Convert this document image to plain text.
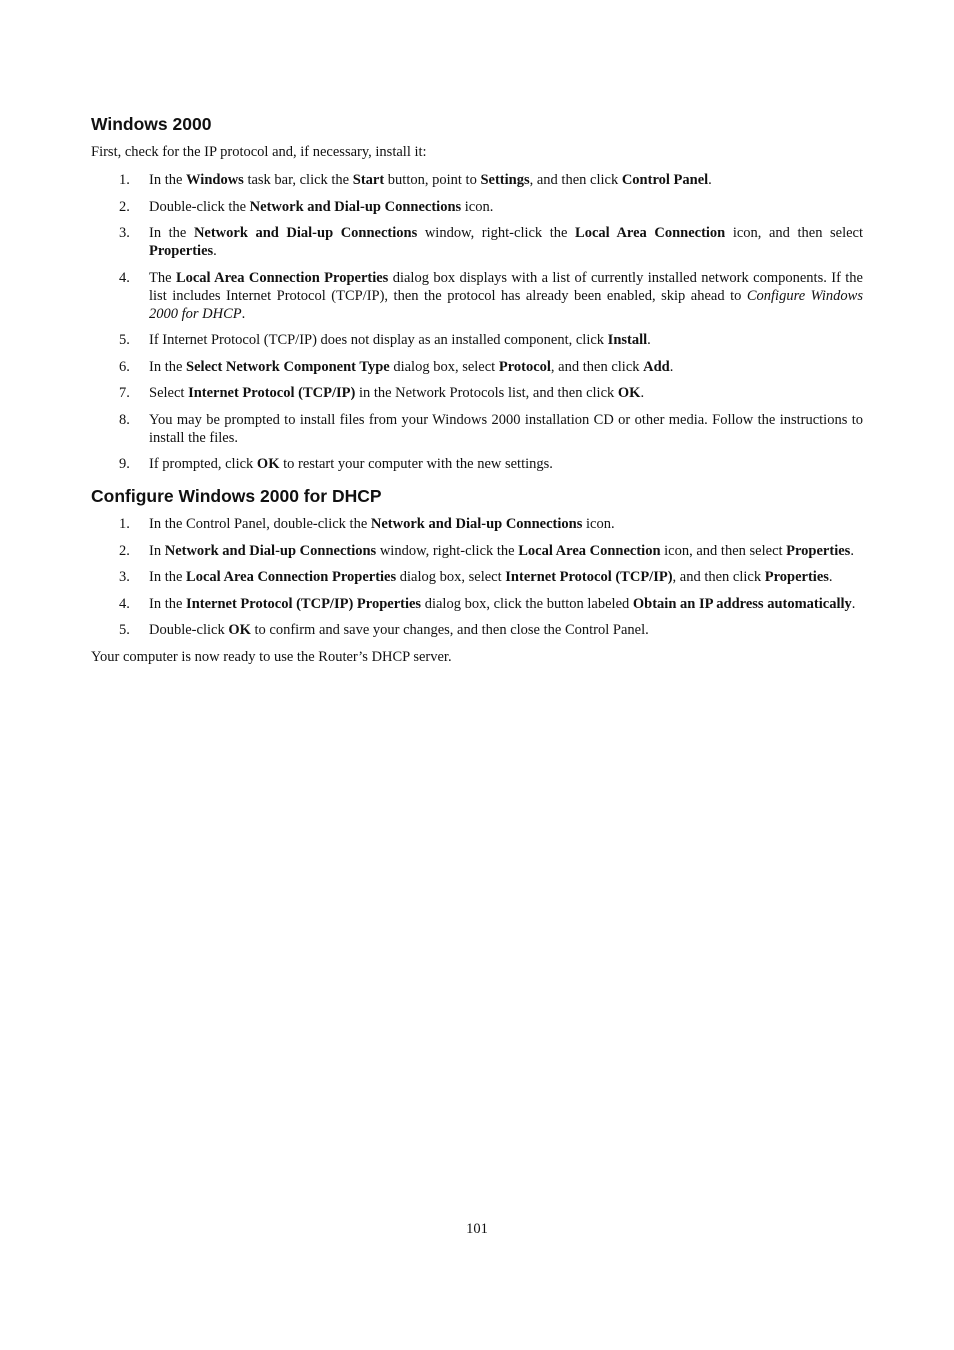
Windows 2000

First, check for the IP protocol and, if necessary, install it:

1. In the Windows task bar, click the Start button, point to Settings, and then click Control Panel.
2. Double-click the Network and Dial-up Connections icon.
3. In the Network and Dial-up Connections window, right-click the Local Area Connection icon, and then select Properties.
4. The Local Area Connection Properties dialog box displays with a list of currently installed network components. If the list includes Internet Protocol (TCP/IP), then the protocol has already been enabled, skip ahead to Configure Windows 2000 for DHCP.
5. If Internet Protocol (TCP/IP) does not display as an installed component, click Install.
6. In the Select Network Component Type dialog box, select Protocol, and then click Add.
7. Select Internet Protocol (TCP/IP) in the Network Protocols list, and then click OK.
8. You may be prompted to install files from your Windows 2000 installation CD or other media. Follow the instructions to install the files.
9. If prompted, click OK to restart your computer with the new settings.
Configure Windows 2000 for DHCP
1. In the Control Panel, double-click the Network and Dial-up Connections icon.
2. In Network and Dial-up Connections window, right-click the Local Area Connection icon, and then select Properties.
3. In the Local Area Connection Properties dialog box, select Internet Protocol (TCP/IP), and then click Properties.
4. In the Internet Protocol (TCP/IP) Properties dialog box, click the button labeled Obtain an IP address automatically.
5. Double-click OK to confirm and save your changes, and then close the Control Panel.

Your computer is now ready to use the Router’s DHCP server.

101
